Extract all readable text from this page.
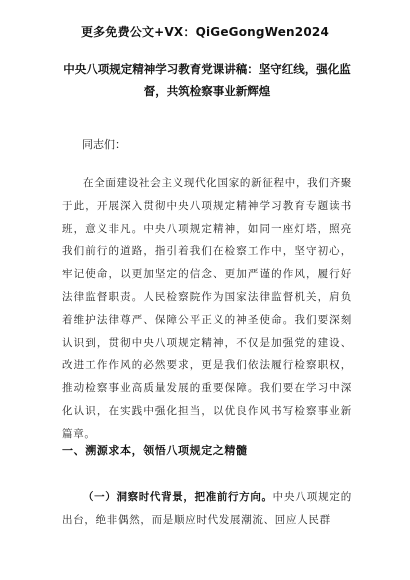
更多免费公文+VX：QiGeGongWen2024
中央八项规定精神学习教育党课讲稿：坚守红线，强化监督，共筑检察事业新辉煌
同志们：
在全面建设社会主义现代化国家的新征程中，我们齐聚于此，开展深入贯彻中央八项规定精神学习教育专题读书班，意义非凡。中央八项规定精神，如同一座灯塔，照亮我们前行的道路，指引着我们在检察工作中，坚守初心，牢记使命，以更加坚定的信念、更加严谨的作风，履行好法律监督职责。人民检察院作为国家法律监督机关，肩负着维护法律尊严、保障公平正义的神圣使命。我们要深刻认识到，贯彻中央八项规定精神，不仅是加强党的建设、改进工作作风的必然要求，更是我们依法履行检察职权，推动检察事业高质量发展的重要保障。我们要在学习中深化认识，在实践中强化担当，以优良作风书写检察事业新篇章。
一、溯源求本，领悟八项规定之精髓
（一）洞察时代背景，把准前行方向。中央八项规定的出台，绝非偶然，而是顺应时代发展潮流、回应人民群
